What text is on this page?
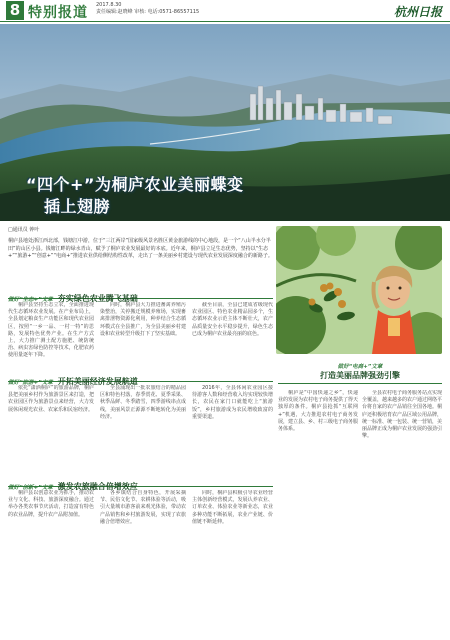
8 特别报道 2017.8.30
责任编辑:赵晓峰 审核: 电话:0571-86557115	杭州日报
“四个+”为桐庐农业美丽蝶变
插上翅膀
□通讯员 钟叶
桐庐县地处浙江西北部，钱塘江中游，位于“三江两岸”国家级风景名胜区黄金旅游线的中心地段，是一个“八山半水分半田”的山区小县。钱塘江畔的绿水青山，赋予了桐庐农业发展最好的本底。近年来，桐庐县立足生态优势，坚持以“生态+”“旅游+”“创意+”“电商+”推进农业供给侧结构性改革，走出了一条美丽乡村建设与现代农业发展深度融合的新路子。
做好“生态+”文章 夯实绿色农业腾飞基础

桐庐县坚持生态立农，全面推进现代生态循环农业发展。在产业布局上，全县划定粮食生产功能区和现代农业园区，按照“一乡一品、一村一特”的思路，发展特色优势产业。在生产方式上，大力推广测土配方施肥、统防统治、病虫害绿色防控等技术，化肥农药使用量逐年下降。

同时，桐庐县大力推进畜禽养殖污染整治，关停搬迁规模养殖场，实现畜禽排泄物资源化利用，种养结合生态循环模式在全县推广，为全县美丽乡村建设和农业转型升级打下了坚实基础。

截至目前，全县已建成省级现代农业园区、特色农业精品园多个，生态循环农业示范主体不断壮大，农产品质量安全水平稳步提升，绿色生态已成为桐庐农业最亮丽的底色。

做好“旅游+”文章 开拓美丽经济发展航道

依托“潇洒桐庐”的旅游品牌，桐庐县把美丽乡村作为旅游景区来打造，把农业园区作为旅游景点来经营，大力发展休闲观光农业、农家乐和民宿经济。

全县涌现出一批农旅结合的精品园区和特色村落，春季赏花、夏季采果、秋季品鲜、冬季踏雪，四季游线串点成线，美丽风景正源源不断地转化为美丽经济。

2016年，全县休闲农业园区接待游客人数和经营收入均实现较快增长，农民在家门口就能吃上“旅游饭”，乡村旅游成为农民增收致富的重要渠道。

做好“创新+”文章 激发农旅融合倍增效应

桐庐县以创意农业为抓手，推动农业与文化、科技、旅游深度融合。通过举办各类农事节庆活动，打造富有特色的农业品牌，提升农产品附加值。

各乡镇结合自身特色，开展采摘节、民俗文化节、农耕体验等活动，吸引大量城市游客前来观光体验，带动农产品销售和乡村旅游发展，实现了农旅融合倍增效应。

同时，桐庐县积极引导农业经营主体创新经营模式，发展认养农业、订单农业、体验农业等新业态，农业多种功能不断拓展，农业产业链、价值链不断延伸。

做好“电商+”文章
打造美丽品牌强劲引擎

桐庐是“中国快递之乡”，快递业的发展为农村电子商务提供了得天独厚的条件。桐庐县抢抓“互联网+”机遇，大力推进农村电子商务发展，建立县、乡、村三级电子商务服务体系。

全县农村电子商务服务站点实现全覆盖，越来越多的农户通过网络平台将自家的农产品销往全国各地。桐庐还积极培育农产品区域公用品牌，统一标准、统一包装、统一营销，美丽品牌正成为桐庐农业发展的强劲引擎。
